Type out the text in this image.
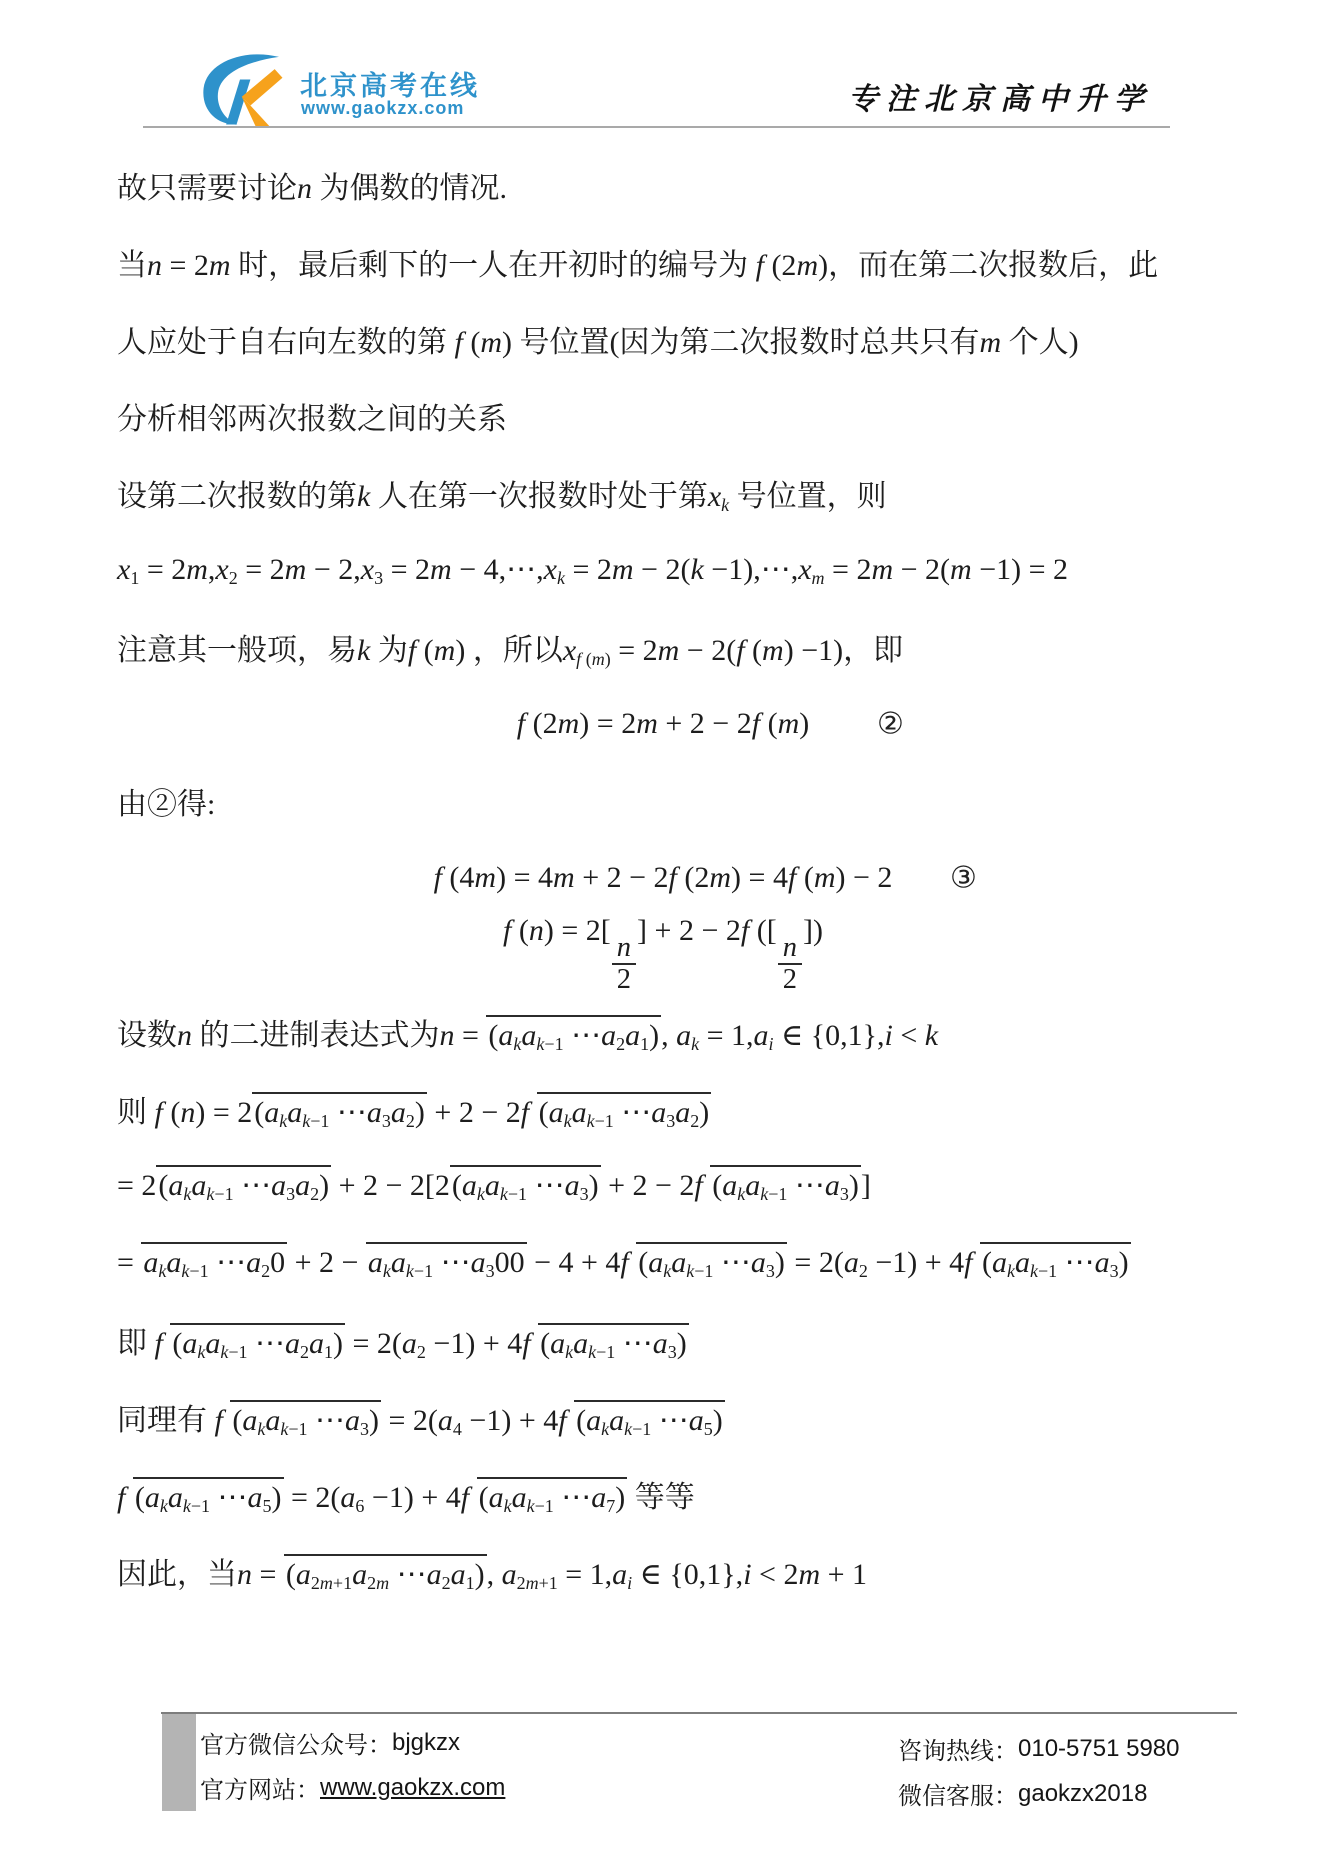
北京高考在线
www.gaokzx.com	专注北京高中升学
故只需要讨论n 为偶数的情况.
当n = 2m 时，最后剩下的一人在开初时的编号为 f (2m)，而在第二次报数后，此
人应处于自右向左数的第 f (m) 号位置(因为第二次报数时总共只有m 个人)
分析相邻两次报数之间的关系
设第二次报数的第k 人在第一次报数时处于第$x_k$ 号位置，则
$x_1 = 2m,x_2 = 2m - 2,x_3 = 2m$ − $4,\cdots,x_k = 2m - 2(k$ $-1),\cdots,x_m = 2m - 2(m -1) = 2$
注意其一般项，易k 为f (m) ，所以$x_{f (m)} = 2m - 2(f$ (m) −1)，即
f (2m) = 2m + 2 − 2f (m) ②
由②得:
f (4m) = 4m + 2 − 2f (2m) = 4f (m) − 2 ③
f (n) = 2[
$\frac{n}{2}$
] + 2 − 2f ([
$\frac{n}{2}$
])
设数n 的二进制表达式为$n = (a_ka_{k-1}$ $\cdots a_2a_1$), $a_k = 1,a_i$ ∈ {0,1},i < k
则 f $(n) = 2(a_ka_{k-1}$ $\cdots a_3a_2) + 2 - 2f$ ($a_ka_{k-1}$ $\cdots a_3a_2$)
= $2(a_ka_{k-1}$ $\cdots a_3a_2) + 2 - 2[2(a_ka_{k-1}$ $\cdots a_3) + 2 - 2f$ ($a_ka_{k-1}$ $\cdots a_3$)]
= $a_ka_{k-1}$ $\cdots a_20 + 2 - a_ka_{k-1}$ $\cdots a_300 - 4 + 4f$ ($a_ka_{k-1}$ $\cdots a_3) = 2(a_2 -1) + 4f$ ($a_ka_{k-1}$ $\cdots a_3$)
即 f ($a_ka_{k-1}$ $\cdots a_2a_1) = 2(a_2 -1) + 4f$ ($a_ka_{k-1}$ $\cdots a_3$)
同理有 f ($a_ka_{k-1}$ $\cdots a_3) = 2(a_4 -1) + 4f$ ($a_ka_{k-1}$ $\cdots a_5$)
f ($a_ka_{k-1}$ $\cdots a_5) = 2(a_6 -1) + 4f$ ($a_ka_{k-1}$ $\cdots a_7$) 等等
因此，当$n = (a_{2m+1}a_{2m}$ $\cdots a_2a_1$), $a_{2m+1} = 1,a_i$ ∈ {0,1},i < 2m + 1
官方微信公众号： bjgkzx
官方网站： www.gaokzx.com
咨询热线： 010-5751 5980
微信客服： gaokzx2018
